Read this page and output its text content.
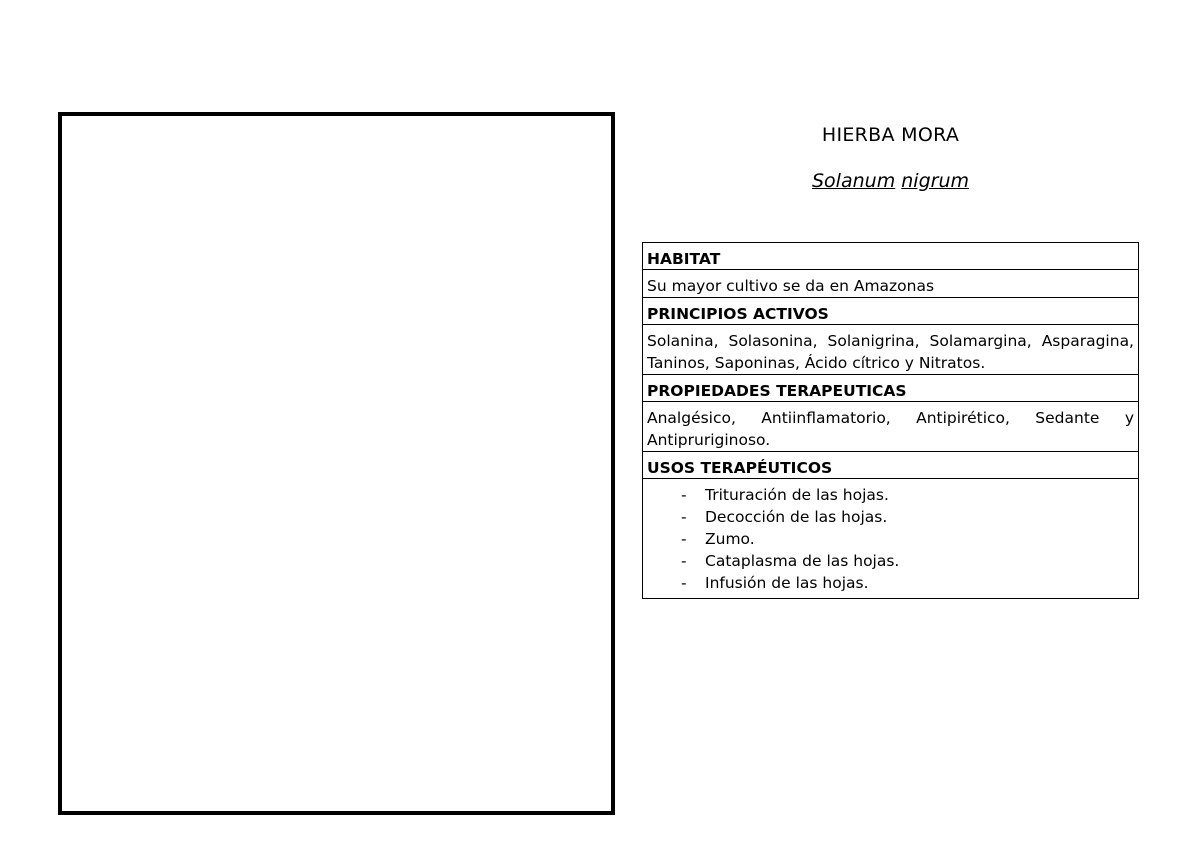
HIERBA MORA
Solanum nigrum
HABITAT
Su mayor cultivo se da en Amazonas
PRINCIPIOS ACTIVOS
Solanina, Solasonina, Solanigrina, Solamargina, Asparagina, Taninos, Saponinas, Ácido cítrico y Nitratos.
PROPIEDADES TERAPEUTICAS
Analgésico, Antiinflamatorio, Antipirético, Sedante y Antipruriginoso.
USOS TERAPÉUTICOS

- Trituración de las hojas.
- Decocción de las hojas.
- Zumo.
- Cataplasma de las hojas.
- Infusión de las hojas.
